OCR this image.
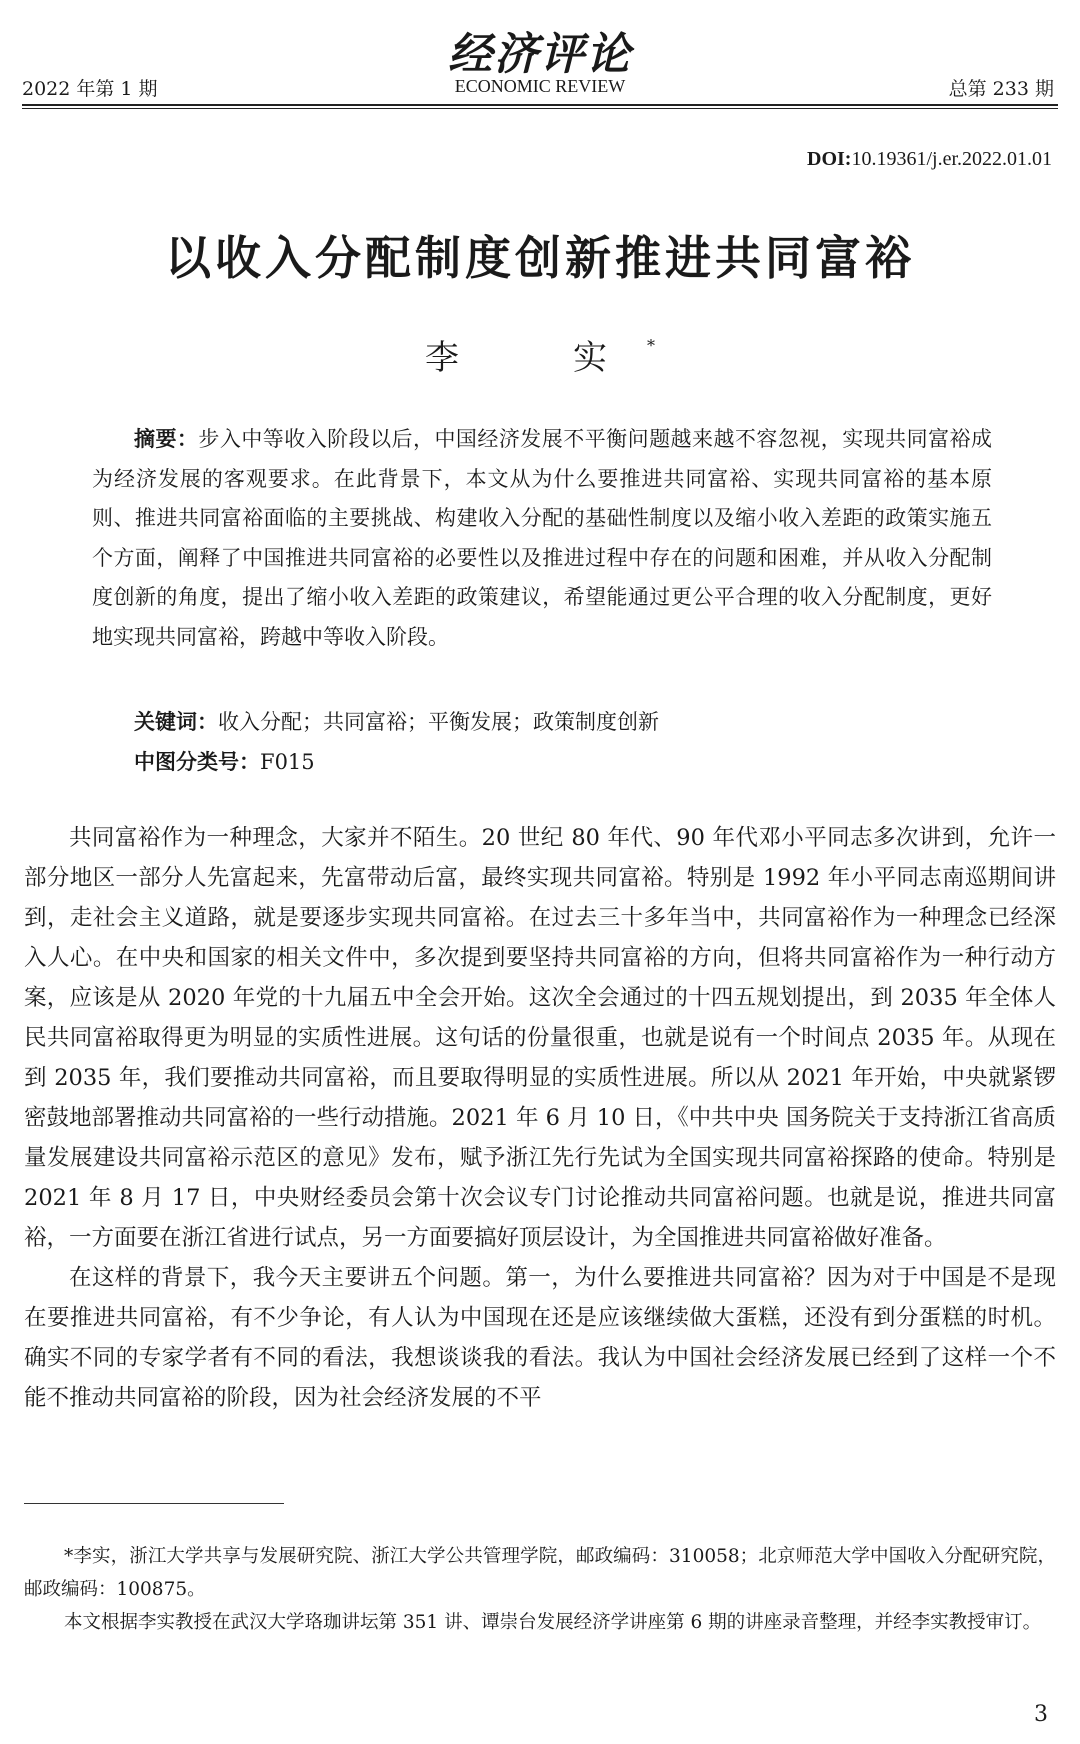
经济评论
2022 年第 1 期	ECONOMIC REVIEW	总第 233 期
DOI:10.19361/j.er.2022.01.01
以收入分配制度创新推进共同富裕
李　实*
摘要：步入中等收入阶段以后，中国经济发展不平衡问题越来越不容忽视，实现共同富裕成为经济发展的客观要求。在此背景下，本文从为什么要推进共同富裕、实现共同富裕的基本原则、推进共同富裕面临的主要挑战、构建收入分配的基础性制度以及缩小收入差距的政策实施五个方面，阐释了中国推进共同富裕的必要性以及推进过程中存在的问题和困难，并从收入分配制度创新的角度，提出了缩小收入差距的政策建议，希望能通过更公平合理的收入分配制度，更好地实现共同富裕，跨越中等收入阶段。
关键词：收入分配；共同富裕；平衡发展；政策制度创新
中图分类号：F015

共同富裕作为一种理念，大家并不陌生。20 世纪 80 年代、90 年代邓小平同志多次讲到，允许一部分地区一部分人先富起来，先富带动后富，最终实现共同富裕。特别是 1992 年小平同志南巡期间讲到，走社会主义道路，就是要逐步实现共同富裕。在过去三十多年当中，共同富裕作为一种理念已经深入人心。在中央和国家的相关文件中，多次提到要坚持共同富裕的方向，但将共同富裕作为一种行动方案，应该是从 2020 年党的十九届五中全会开始。这次全会通过的十四五规划提出，到 2035 年全体人民共同富裕取得更为明显的实质性进展。这句话的份量很重，也就是说有一个时间点 2035 年。从现在到 2035 年，我们要推动共同富裕，而且要取得明显的实质性进展。所以从 2021 年开始，中央就紧锣密鼓地部署推动共同富裕的一些行动措施。2021 年 6 月 10 日，《中共中央 国务院关于支持浙江省高质量发展建设共同富裕示范区的意见》发布，赋予浙江先行先试为全国实现共同富裕探路的使命。特别是 2021 年 8 月 17 日，中央财经委员会第十次会议专门讨论推动共同富裕问题。也就是说，推进共同富裕，一方面要在浙江省进行试点，另一方面要搞好顶层设计，为全国推进共同富裕做好准备。

在这样的背景下，我今天主要讲五个问题。第一，为什么要推进共同富裕？因为对于中国是不是现在要推进共同富裕，有不少争论，有人认为中国现在还是应该继续做大蛋糕，还没有到分蛋糕的时机。确实不同的专家学者有不同的看法，我想谈谈我的看法。我认为中国社会经济发展已经到了这样一个不能不推动共同富裕的阶段，因为社会经济发展的不平

*李实，浙江大学共享与发展研究院、浙江大学公共管理学院，邮政编码：310058；北京师范大学中国收入分配研究院，邮政编码：100875。

本文根据李实教授在武汉大学珞珈讲坛第 351 讲、谭崇台发展经济学讲座第 6 期的讲座录音整理，并经李实教授审订。

3
